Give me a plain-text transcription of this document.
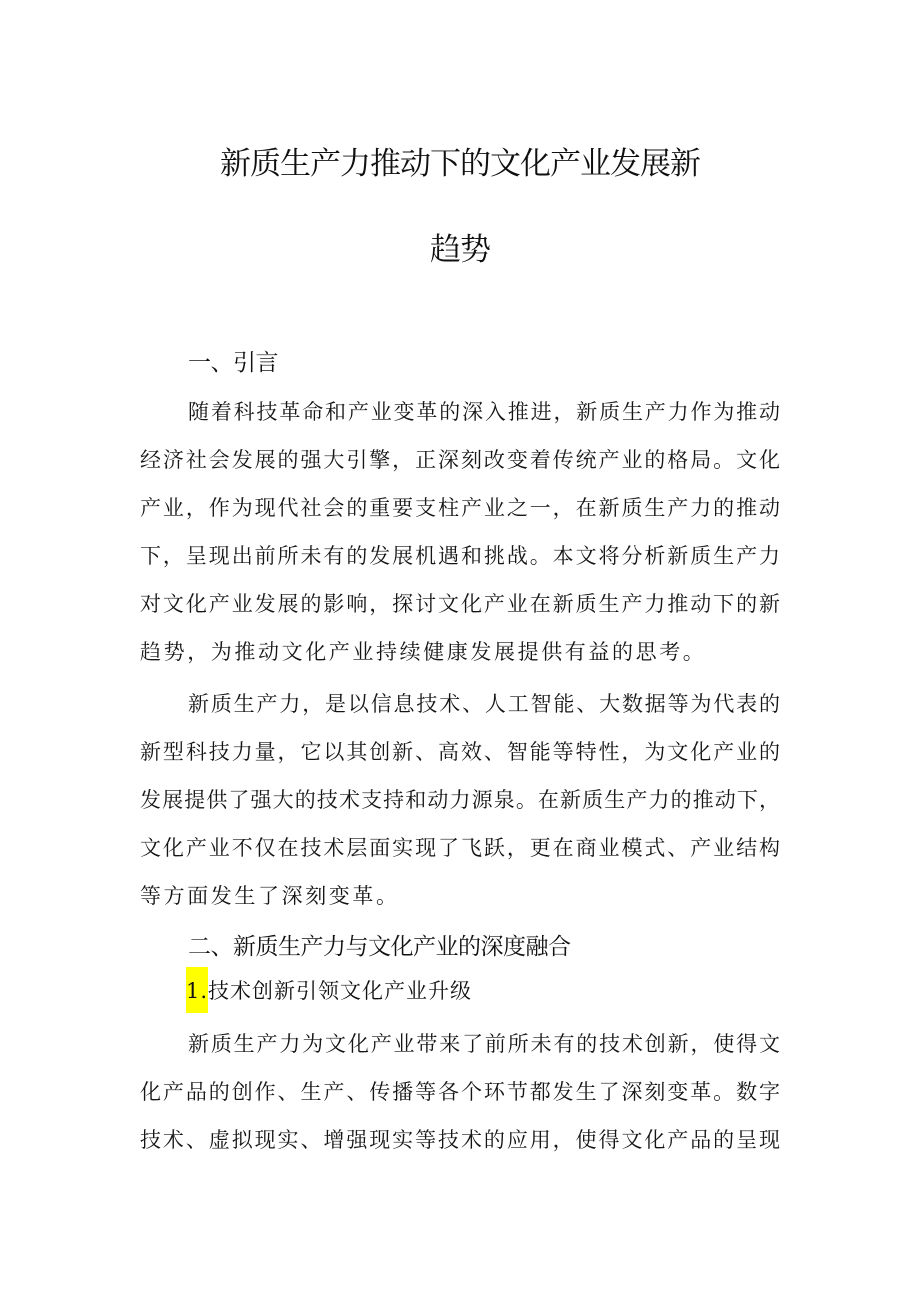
新质生产力推动下的文化产业发展新
趋势
一、引言
随着科技革命和产业变革的深入推进，新质生产力作为推动
经济社会发展的强大引擎，正深刻改变着传统产业的格局。文化
产业，作为现代社会的重要支柱产业之一，在新质生产力的推动
下，呈现出前所未有的发展机遇和挑战。本文将分析新质生产力
对文化产业发展的影响，探讨文化产业在新质生产力推动下的新
趋势，为推动文化产业持续健康发展提供有益的思考。
新质生产力，是以信息技术、人工智能、大数据等为代表的
新型科技力量，它以其创新、高效、智能等特性，为文化产业的
发展提供了强大的技术支持和动力源泉。在新质生产力的推动下，
文化产业不仅在技术层面实现了飞跃，更在商业模式、产业结构
等方面发生了深刻变革。
二、新质生产力与文化产业的深度融合
1.技术创新引领文化产业升级
新质生产力为文化产业带来了前所未有的技术创新，使得文
化产品的创作、生产、传播等各个环节都发生了深刻变革。数字
技术、虚拟现实、增强现实等技术的应用，使得文化产品的呈现
